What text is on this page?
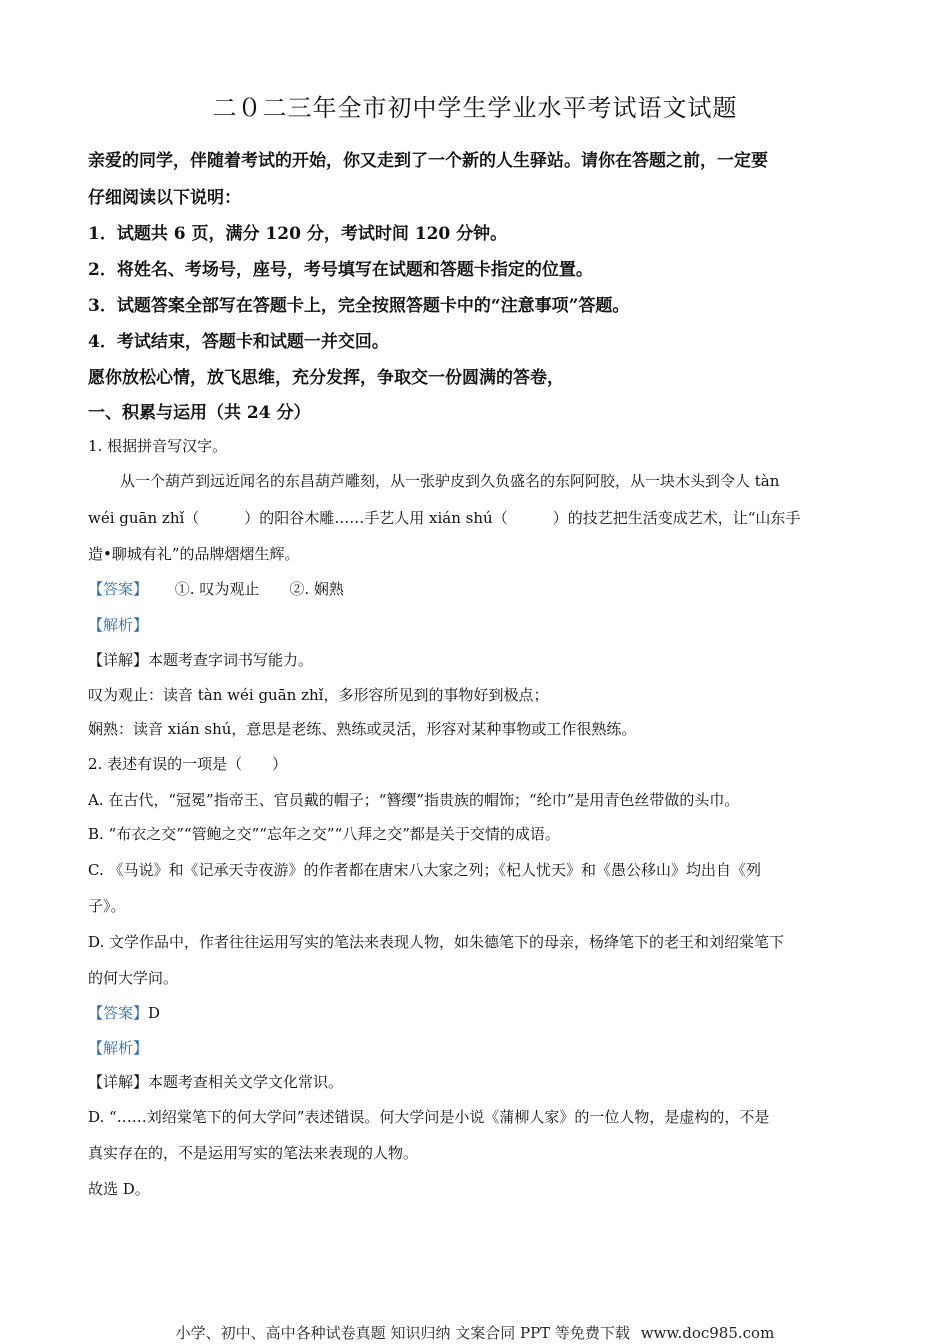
二０二三年全市初中学生学业水平考试语文试题
亲爱的同学，伴随着考试的开始，你又走到了一个新的人生驿站。请你在答题之前，一定要
仔细阅读以下说明：
1．试题共 6 页，满分 120 分，考试时间 120 分钟。
2．将姓名、考场号，座号，考号填写在试题和答题卡指定的位置。
3．试题答案全部写在答题卡上，完全按照答题卡中的“注意事项”答题。
4．考试结束，答题卡和试题一并交回。
愿你放松心情，放飞思维，充分发挥，争取交一份圆满的答卷，
一、积累与运用（共 24 分）
1. 根据拼音写汉字。
从一个葫芦到远近闻名的东昌葫芦雕刻，从一张驴皮到久负盛名的东阿阿胶，从一块木头到令人 tàn
wéi guān zhǐ（　　　）的阳谷木雕……手艺人用 xián shú（　　　）的技艺把生活变成艺术，让“山东手
造•聊城有礼”的品牌熠熠生辉。
【答案】 ①. 叹为观止　　②. 娴熟
【解析】
【详解】本题考查字词书写能力。
叹为观止：读音 tàn wéi guān zhǐ，多形容所见到的事物好到极点；
娴熟：读音 xián shú，意思是老练、熟练或灵活，形容对某种事物或工作很熟练。
2. 表述有误的一项是（　　）
A. 在古代，“冠冕”指帝王、官员戴的帽子；“簪缨”指贵族的帽饰；“纶巾”是用青色丝带做的头巾。
B. “布衣之交”“管鲍之交”“忘年之交”“八拜之交”都是关于交情的成语。
C. 《马说》和《记承天寺夜游》的作者都在唐宋八大家之列；《杞人忧天》和《愚公移山》均出自《列
子》。
D. 文学作品中，作者往往运用写实的笔法来表现人物，如朱德笔下的母亲，杨绛笔下的老王和刘绍棠笔下
的何大学问。
【答案】D
【解析】
【详解】本题考查相关文学文化常识。
D. “……刘绍棠笔下的何大学问”表述错误。何大学问是小说《蒲柳人家》的一位人物，是虚构的，不是
真实存在的，不是运用写实的笔法来表现的人物。
故选 D。
小学、初中、高中各种试卷真题 知识归纳 文案合同 PPT 等免费下载 www.doc985.com
